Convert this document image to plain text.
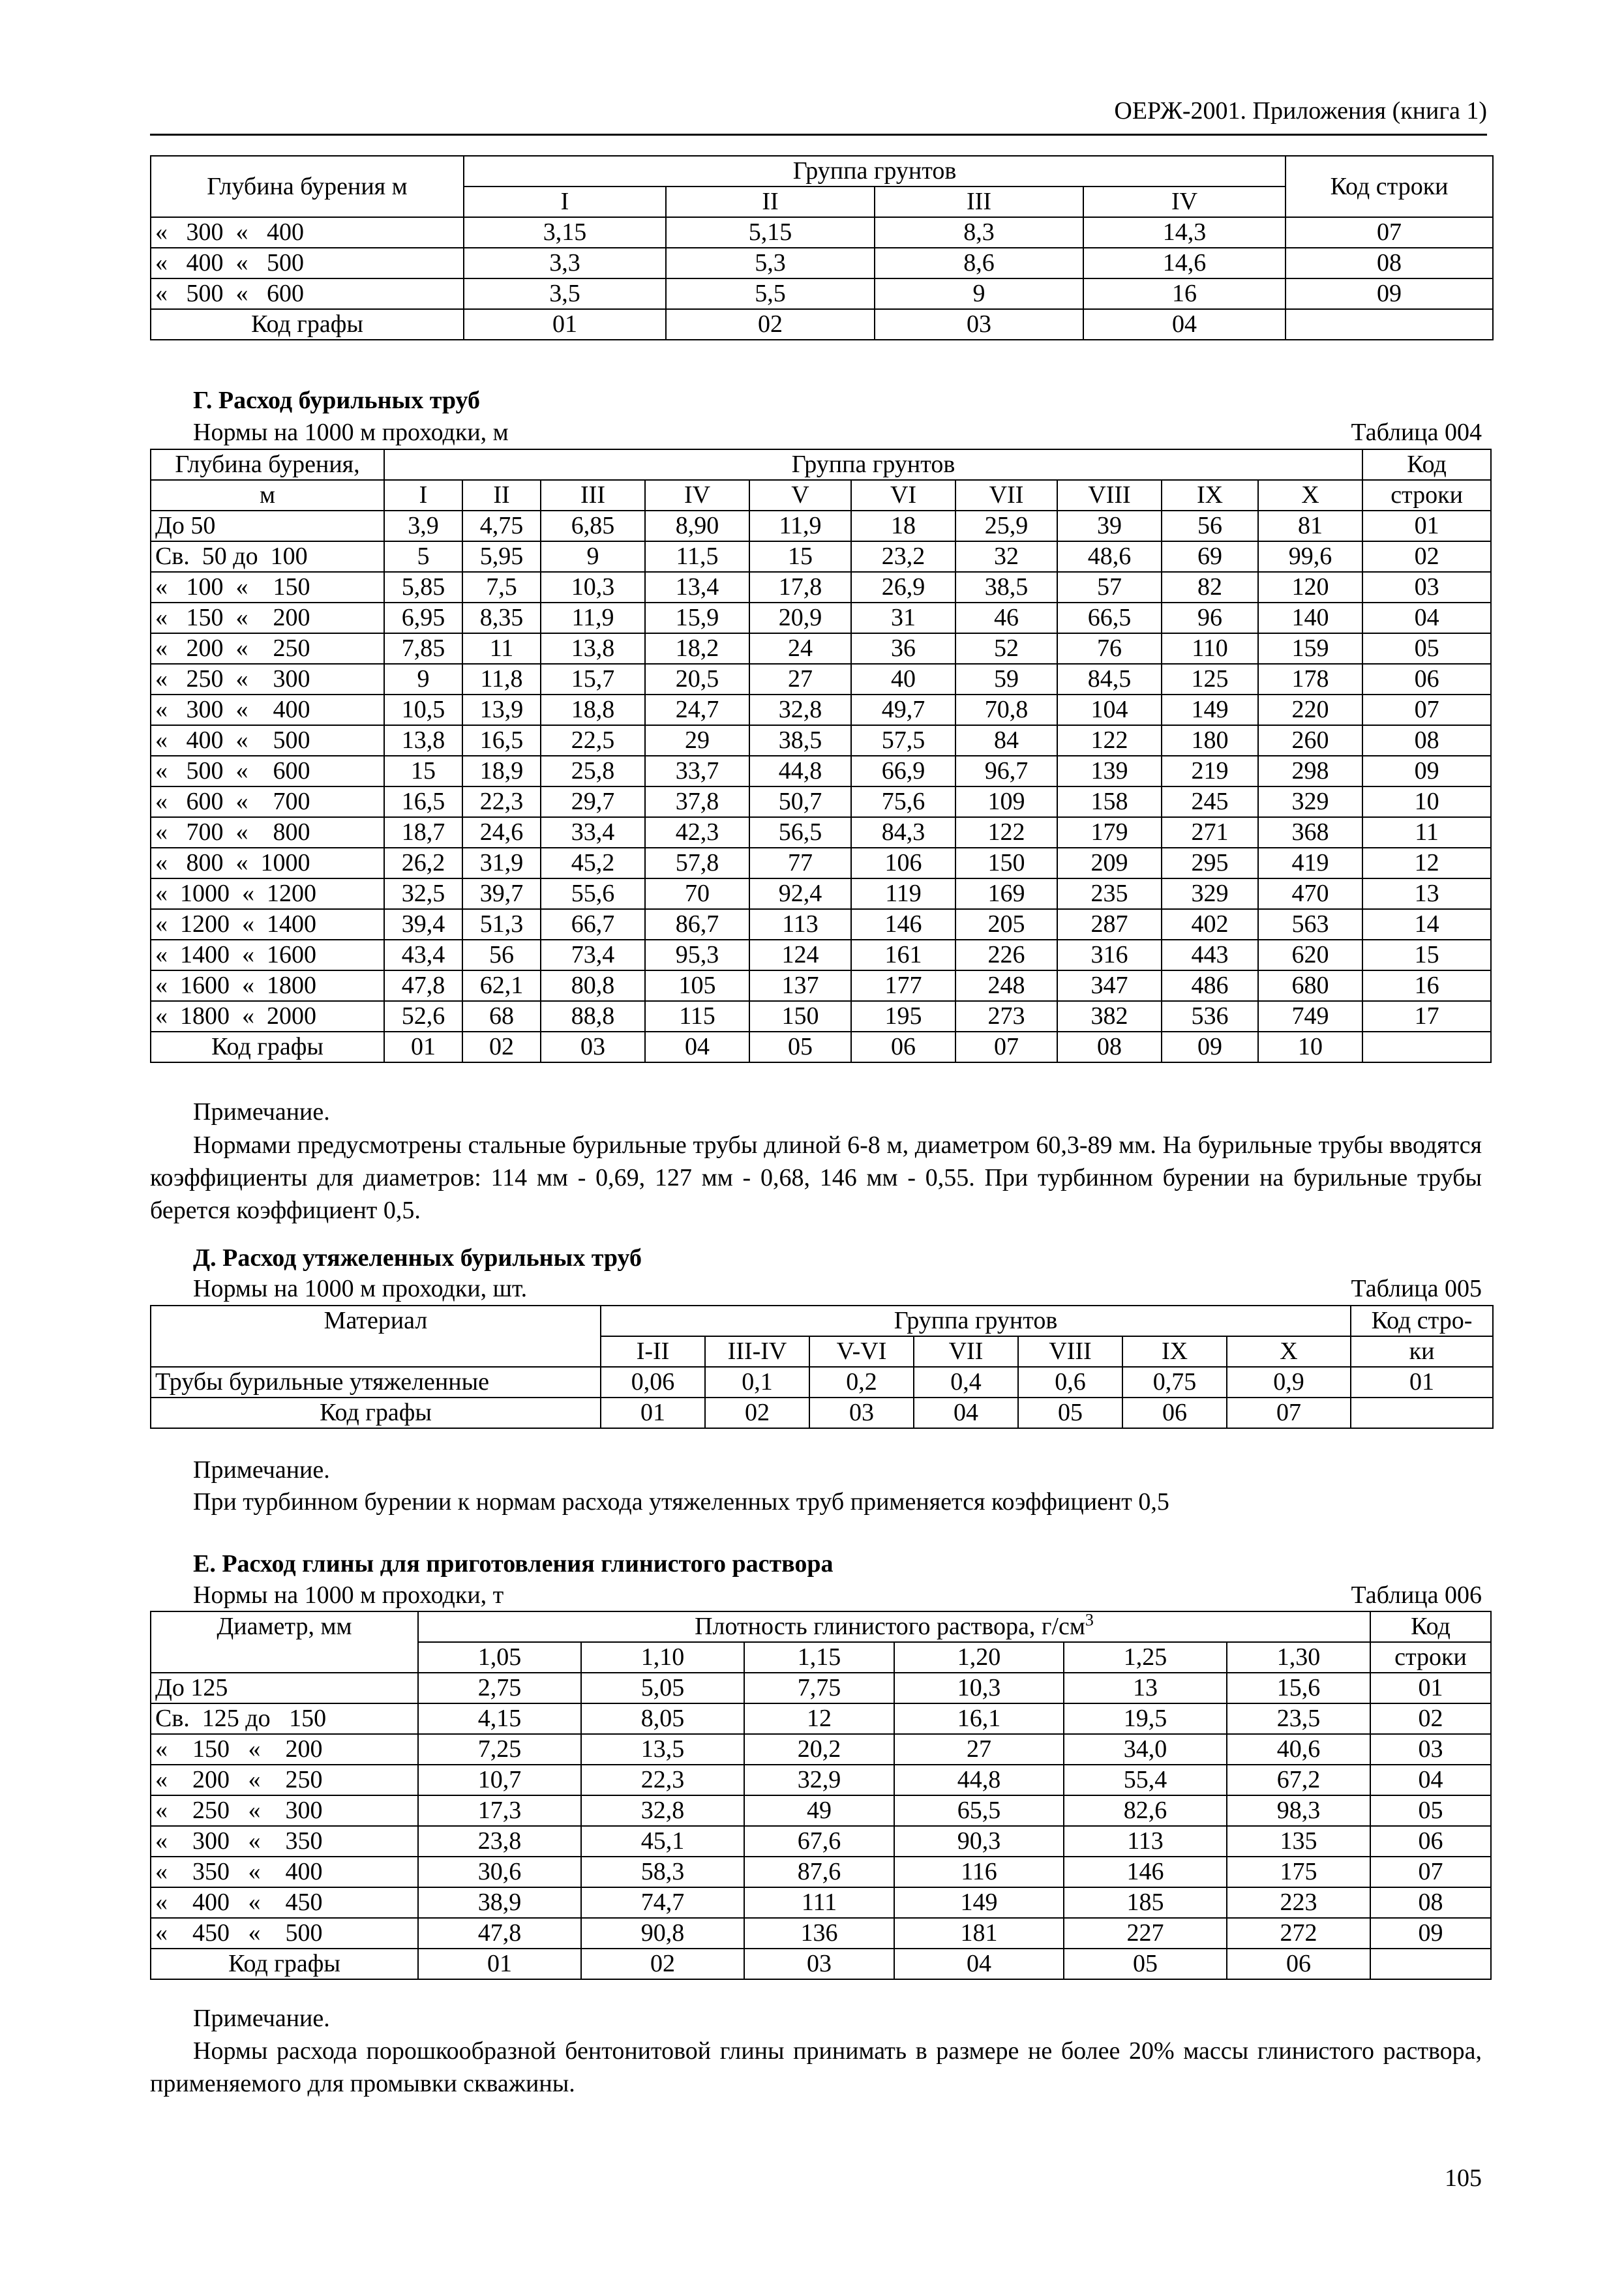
ОЕРЖ-2001. Приложения (книга 1)
Глубина бурения м	Группа грунтов				Код строки
	I	II	III	IV	
«   300  «   400	3,15	5,15	8,3	14,3	07
«   400  «   500	3,3	5,3	8,6	14,6	08
«   500  «   600	3,5	5,5	9	16	09
Код графы	01	02	03	04	
Г. Расход бурильных труб
Нормы на 1000 м проходки, м	Таблица 004
Глубина бурения,	Группа грунтов										Код
м	I	II	III	IV	V	VI	VII	VIII	IX	X	строки
До 50	3,9	4,75	6,85	8,90	11,9	18	25,9	39	56	81	01
Св.  50 до  100	5	5,95	9	11,5	15	23,2	32	48,6	69	99,6	02
«   100  «    150	5,85	7,5	10,3	13,4	17,8	26,9	38,5	57	82	120	03
«   150  «    200	6,95	8,35	11,9	15,9	20,9	31	46	66,5	96	140	04
«   200  «    250	7,85	11	13,8	18,2	24	36	52	76	110	159	05
«   250  «    300	9	11,8	15,7	20,5	27	40	59	84,5	125	178	06
«   300  «    400	10,5	13,9	18,8	24,7	32,8	49,7	70,8	104	149	220	07
«   400  «    500	13,8	16,5	22,5	29	38,5	57,5	84	122	180	260	08
«   500  «    600	15	18,9	25,8	33,7	44,8	66,9	96,7	139	219	298	09
«   600  «    700	16,5	22,3	29,7	37,8	50,7	75,6	109	158	245	329	10
«   700  «    800	18,7	24,6	33,4	42,3	56,5	84,3	122	179	271	368	11
«   800  «  1000	26,2	31,9	45,2	57,8	77	106	150	209	295	419	12
«  1000  «  1200	32,5	39,7	55,6	70	92,4	119	169	235	329	470	13
«  1200  «  1400	39,4	51,3	66,7	86,7	113	146	205	287	402	563	14
«  1400  «  1600	43,4	56	73,4	95,3	124	161	226	316	443	620	15
«  1600  «  1800	47,8	62,1	80,8	105	137	177	248	347	486	680	16
«  1800  «  2000	52,6	68	88,8	115	150	195	273	382	536	749	17
Код графы	01	02	03	04	05	06	07	08	09	10	
Примечание.
Нормами предусмотрены стальные бурильные трубы длиной 6-8 м, диаметром 60,3-89 мм. На бурильные трубы вводятся коэффициенты для диаметров: 114 мм - 0,69, 127 мм - 0,68, 146 мм - 0,55. При турбинном бурении на бурильные трубы берется коэффициент 0,5.
Д. Расход утяжеленных бурильных труб
Нормы на 1000 м проходки, шт.	Таблица 005
Материал	Группа грунтов							Код стро-
	I-II	III-IV	V-VI	VII	VIII	IX	X	ки
Трубы бурильные утяжеленные	0,06	0,1	0,2	0,4	0,6	0,75	0,9	01
Код графы	01	02	03	04	05	06	07	
Примечание.
При турбинном бурении к нормам расхода утяжеленных труб применяется коэффициент 0,5
Е. Расход глины для приготовления глинистого раствора
Нормы на 1000 м проходки, т	Таблица 006
Диаметр, мм	Плотность глинистого раствора, $г/см^3$						Код
	1,05	1,10	1,15	1,20	1,25	1,30	строки
До 125	2,75	5,05	7,75	10,3	13	15,6	01
Св.  125 до   150	4,15	8,05	12	16,1	19,5	23,5	02
«    150   «    200	7,25	13,5	20,2	27	34,0	40,6	03
«    200   «    250	10,7	22,3	32,9	44,8	55,4	67,2	04
«    250   «    300	17,3	32,8	49	65,5	82,6	98,3	05
«    300   «    350	23,8	45,1	67,6	90,3	113	135	06
«    350   «    400	30,6	58,3	87,6	116	146	175	07
«    400   «    450	38,9	74,7	111	149	185	223	08
«    450   «    500	47,8	90,8	136	181	227	272	09
Код графы	01	02	03	04	05	06	
Примечание.
Нормы расхода порошкообразной бентонитовой глины принимать в размере не более 20% массы глинистого раствора, применяемого для промывки скважины.
105
